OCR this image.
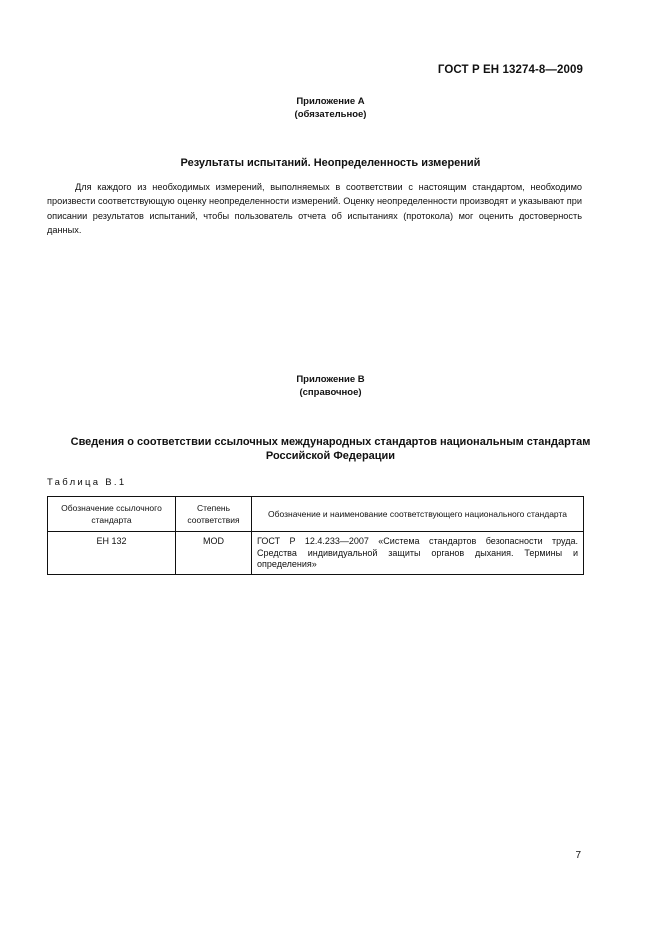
ГОСТ Р ЕН 13274-8—2009
Приложение А
(обязательное)
Результаты испытаний. Неопределенность измерений
Для каждого из необходимых измерений, выполняемых в соответствии с настоящим стандартом, необходимо произвести соответствующую оценку неопределенности измерений. Оценку неопределенности производят и указывают при описании результатов испытаний, чтобы пользователь отчета об испытаниях (протокола) мог оценить достоверность данных.
Приложение В
(справочное)
Сведения о соответствии ссылочных международных стандартов национальным стандартам
Российской Федерации
Таблица В.1
Обозначение ссылочного стандарта	Степень соответствия	Обозначение и наименование соответствующего национального стандарта
ЕН 132	MOD	ГОСТ Р 12.4.233—2007 «Система стандартов безопасности труда. Средства индивидуальной защиты органов дыхания. Термины и определения»
7
